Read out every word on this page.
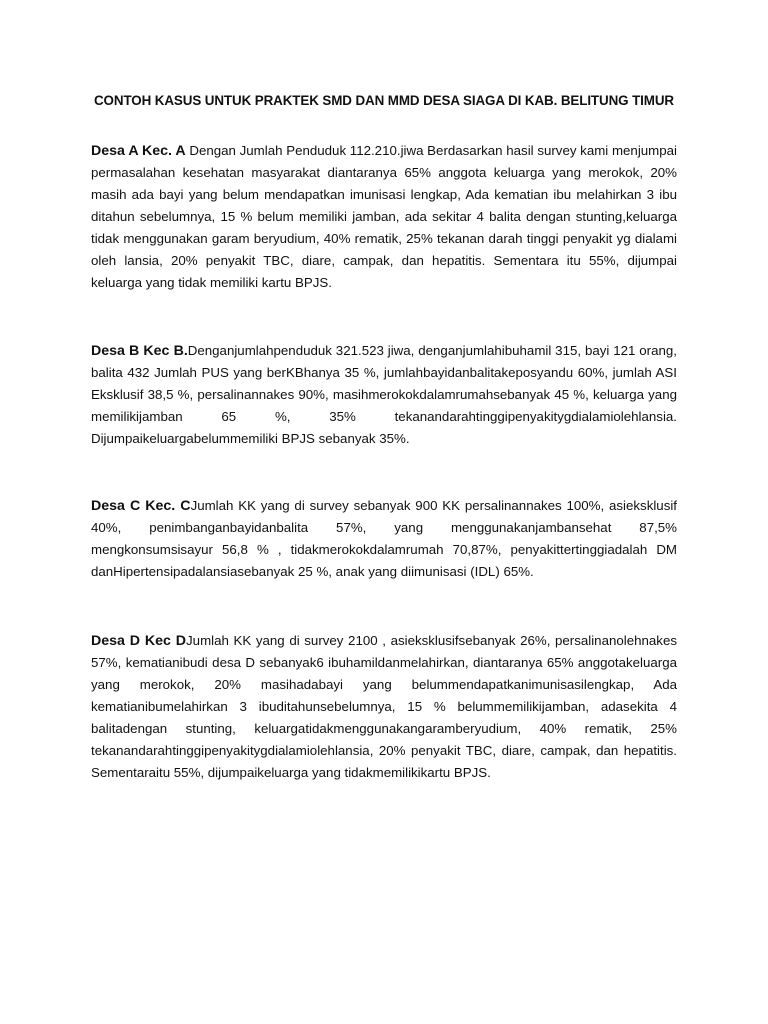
CONTOH KASUS UNTUK PRAKTEK SMD DAN MMD DESA SIAGA DI KAB. BELITUNG TIMUR

Desa A Kec. A Dengan Jumlah Penduduk 112.210.jiwa Berdasarkan hasil survey kami menjumpai permasalahan kesehatan masyarakat diantaranya 65% anggota keluarga yang merokok, 20% masih ada bayi yang belum mendapatkan imunisasi lengkap, Ada kematian ibu melahirkan 3 ibu ditahun sebelumnya, 15 % belum memiliki jamban, ada sekitar 4 balita dengan stunting,keluarga tidak menggunakan garam beryudium, 40% rematik, 25% tekanan darah tinggi penyakit yg dialami oleh lansia, 20% penyakit TBC, diare, campak, dan hepatitis. Sementara itu 55%, dijumpai keluarga yang tidak memiliki kartu BPJS.

Desa B Kec B.Denganjumlahpenduduk 321.523 jiwa, denganjumlahibuhamil 315, bayi 121 orang, balita 432 Jumlah PUS yang berKBhanya 35 %, jumlahbayidanbalitakeposyandu 60%, jumlah ASI Eksklusif 38,5 %, persalinannakes 90%, masihmerokokdalamrumahsebanyak 45 %, keluarga yang memilikijamban 65 %, 35% tekanandarahtinggipenyakitygdialamiolehlansia. Dijumpaikeluargabelummemiliki BPJS sebanyak 35%.

Desa C Kec. CJumlah KK yang di survey sebanyak 900 KK persalinannakes 100%, asieksklusif 40%, penimbanganbayidanbalita 57%, yang menggunakanjambansehat 87,5% mengkonsumsisayur 56,8 % , tidakmerokokdalamrumah 70,87%, penyakittertinggiadalah DM danHipertensipadalansiasebanyak 25 %, anak yang diimunisasi (IDL) 65%.

Desa D Kec DJumlah KK yang di survey 2100 , asieksklusifsebanyak 26%, persalinanolehnakes 57%, kematianibudi desa D sebanyak6 ibuhamildanmelahirkan, diantaranya 65% anggotakeluarga yang merokok, 20% masihadabayi yang belummendapatkanimunisasilengkap, Ada kematianibumelahirkan 3 ibuditahunsebelumnya, 15 % belummemilikijamban, adasekita 4 balitadengan stunting, keluargatidakmenggunakangaramberyudium, 40% rematik, 25% tekanandarahtinggipenyakitygdialamiolehlansia, 20% penyakit TBC, diare, campak, dan hepatitis. Sementaraitu 55%, dijumpaikeluarga yang tidakmemilikikartu BPJS.
